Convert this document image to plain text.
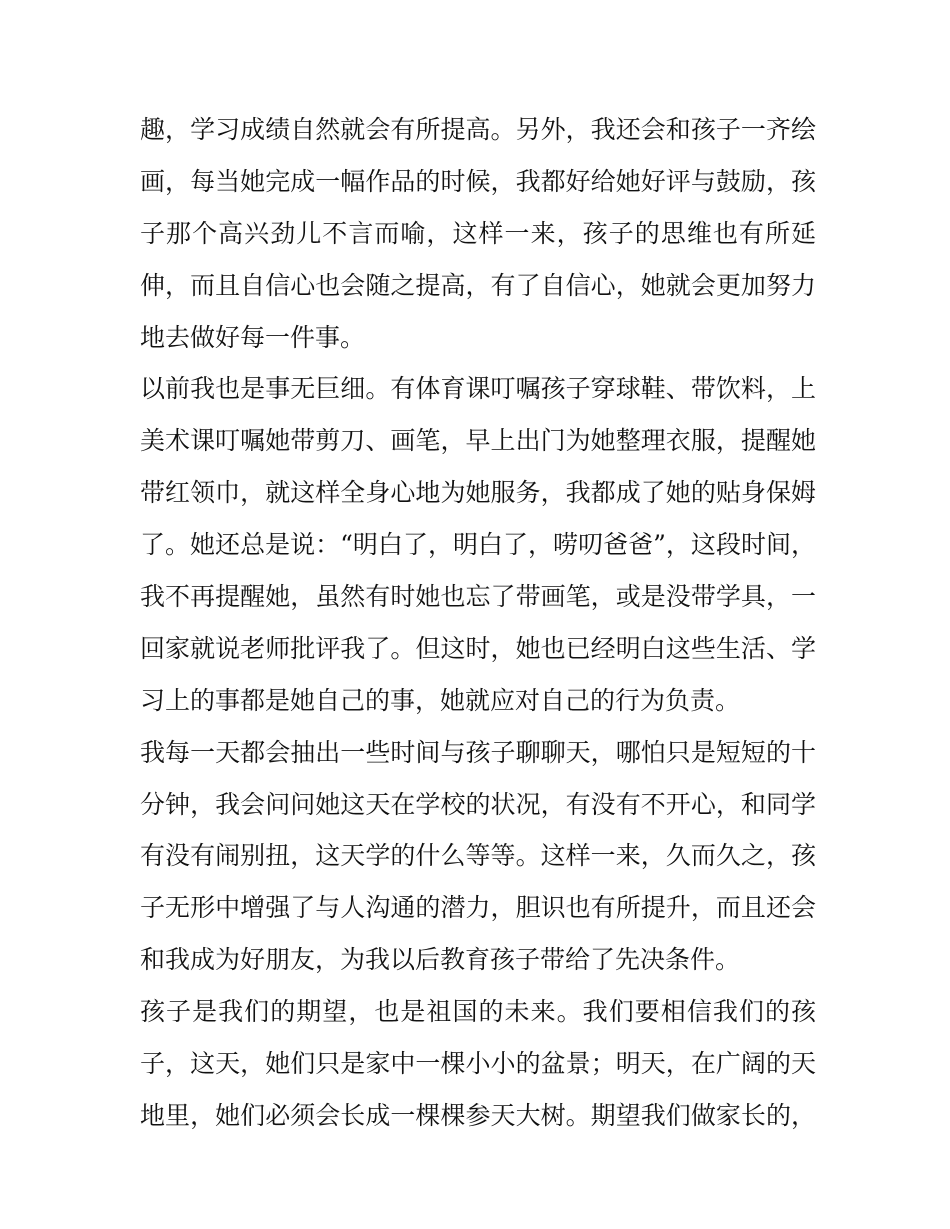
趣，学习成绩自然就会有所提高。另外，我还会和孩子一齐绘
画，每当她完成一幅作品的时候，我都好给她好评与鼓励，孩
子那个高兴劲儿不言而喻，这样一来，孩子的思维也有所延
伸，而且自信心也会随之提高，有了自信心，她就会更加努力
地去做好每一件事。
以前我也是事无巨细。有体育课叮嘱孩子穿球鞋、带饮料，上
美术课叮嘱她带剪刀、画笔，早上出门为她整理衣服，提醒她
带红领巾，就这样全身心地为她服务，我都成了她的贴身保姆
了。她还总是说：“明白了，明白了，唠叨爸爸”，这段时间，
我不再提醒她，虽然有时她也忘了带画笔，或是没带学具，一
回家就说老师批评我了。但这时，她也已经明白这些生活、学
习上的事都是她自己的事，她就应对自己的行为负责。
我每一天都会抽出一些时间与孩子聊聊天，哪怕只是短短的十
分钟，我会问问她这天在学校的状况，有没有不开心，和同学
有没有闹别扭，这天学的什么等等。这样一来，久而久之，孩
子无形中增强了与人沟通的潜力，胆识也有所提升，而且还会
和我成为好朋友，为我以后教育孩子带给了先决条件。
孩子是我们的期望，也是祖国的未来。我们要相信我们的孩
子，这天，她们只是家中一棵小小的盆景；明天，在广阔的天
地里，她们必须会长成一棵棵参天大树。期望我们做家长的，
